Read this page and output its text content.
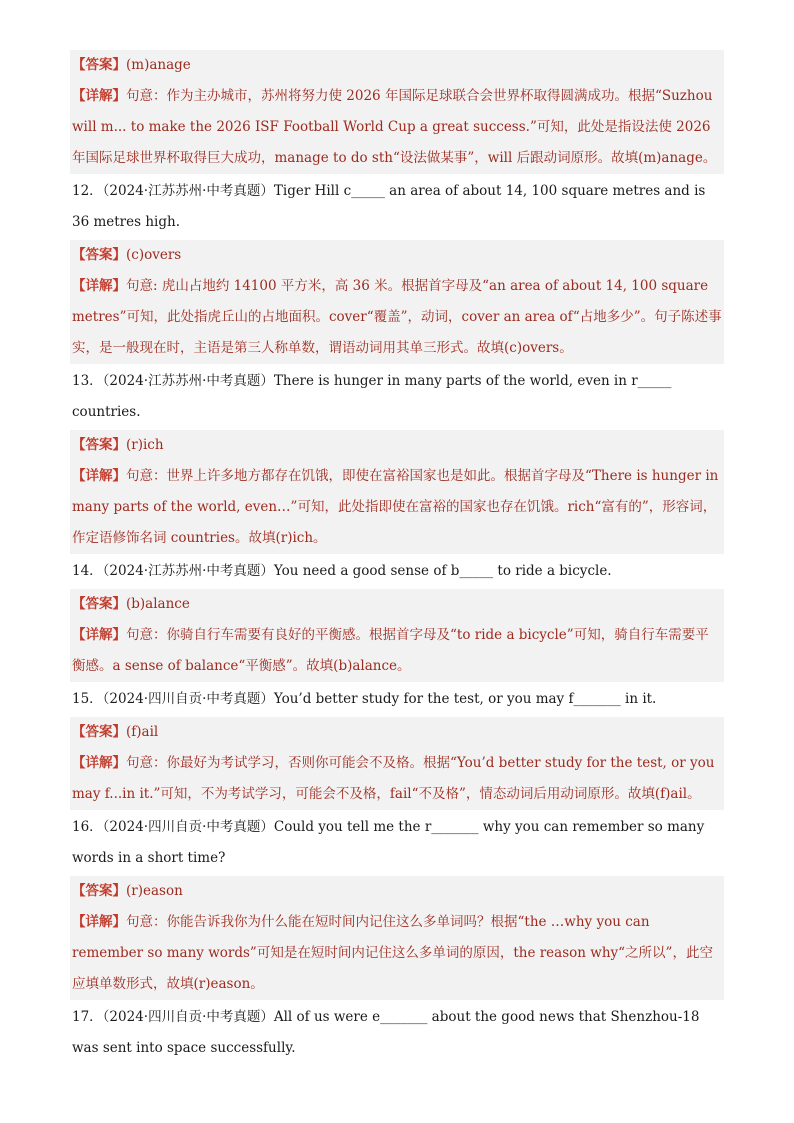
【答案】(m)anage
【详解】句意：作为主办城市，苏州将努力使 2026 年国际足球联合会世界杯取得圆满成功。根据“Suzhou will m... to make the 2026 ISF Football World Cup a great success.”可知，此处是指设法使 2026 年国际足球世界杯取得巨大成功，manage to do sth“设法做某事”，will 后跟动词原形。故填(m)anage。
12．（2024·江苏苏州·中考真题）Tiger Hill c_____ an area of about 14, 100 square metres and is 36 metres high.
【答案】(c)overs
【详解】句意: 虎山占地约 14100 平方米，高 36 米。根据首字母及“an area of about 14, 100 square metres”可知，此处指虎丘山的占地面积。cover“覆盖”，动词，cover an area of“占地多少”。句子陈述事实，是一般现在时，主语是第三人称单数，谓语动词用其单三形式。故填(c)overs。
13．（2024·江苏苏州·中考真题）There is hunger in many parts of the world, even in r_____ countries.
【答案】(r)ich
【详解】句意：世界上许多地方都存在饥饿，即使在富裕国家也是如此。根据首字母及“There is hunger in many parts of the world, even…”可知，此处指即使在富裕的国家也存在饥饿。rich“富有的”，形容词，作定语修饰名词 countries。故填(r)ich。
14．（2024·江苏苏州·中考真题）You need a good sense of b_____ to ride a bicycle.
【答案】(b)alance
【详解】句意：你骑自行车需要有良好的平衡感。根据首字母及“to ride a bicycle”可知，骑自行车需要平衡感。a sense of balance“平衡感”。故填(b)alance。
15．（2024·四川自贡·中考真题）You’d better study for the test, or you may f_______ in it.
【答案】(f)ail
【详解】句意：你最好为考试学习，否则你可能会不及格。根据“You’d better study for the test, or you may f...in it.”可知，不为考试学习，可能会不及格，fail“不及格”，情态动词后用动词原形。故填(f)ail。
16．（2024·四川自贡·中考真题）Could you tell me the r_______ why you can remember so many words in a short time?
【答案】(r)eason
【详解】句意：你能告诉我你为什么能在短时间内记住这么多单词吗？根据“the …why you can remember so many words”可知是在短时间内记住这么多单词的原因，the reason why“之所以”，此空应填单数形式，故填(r)eason。
17．（2024·四川自贡·中考真题）All of us were e_______ about the good news that Shenzhou-18 was sent into space successfully.
